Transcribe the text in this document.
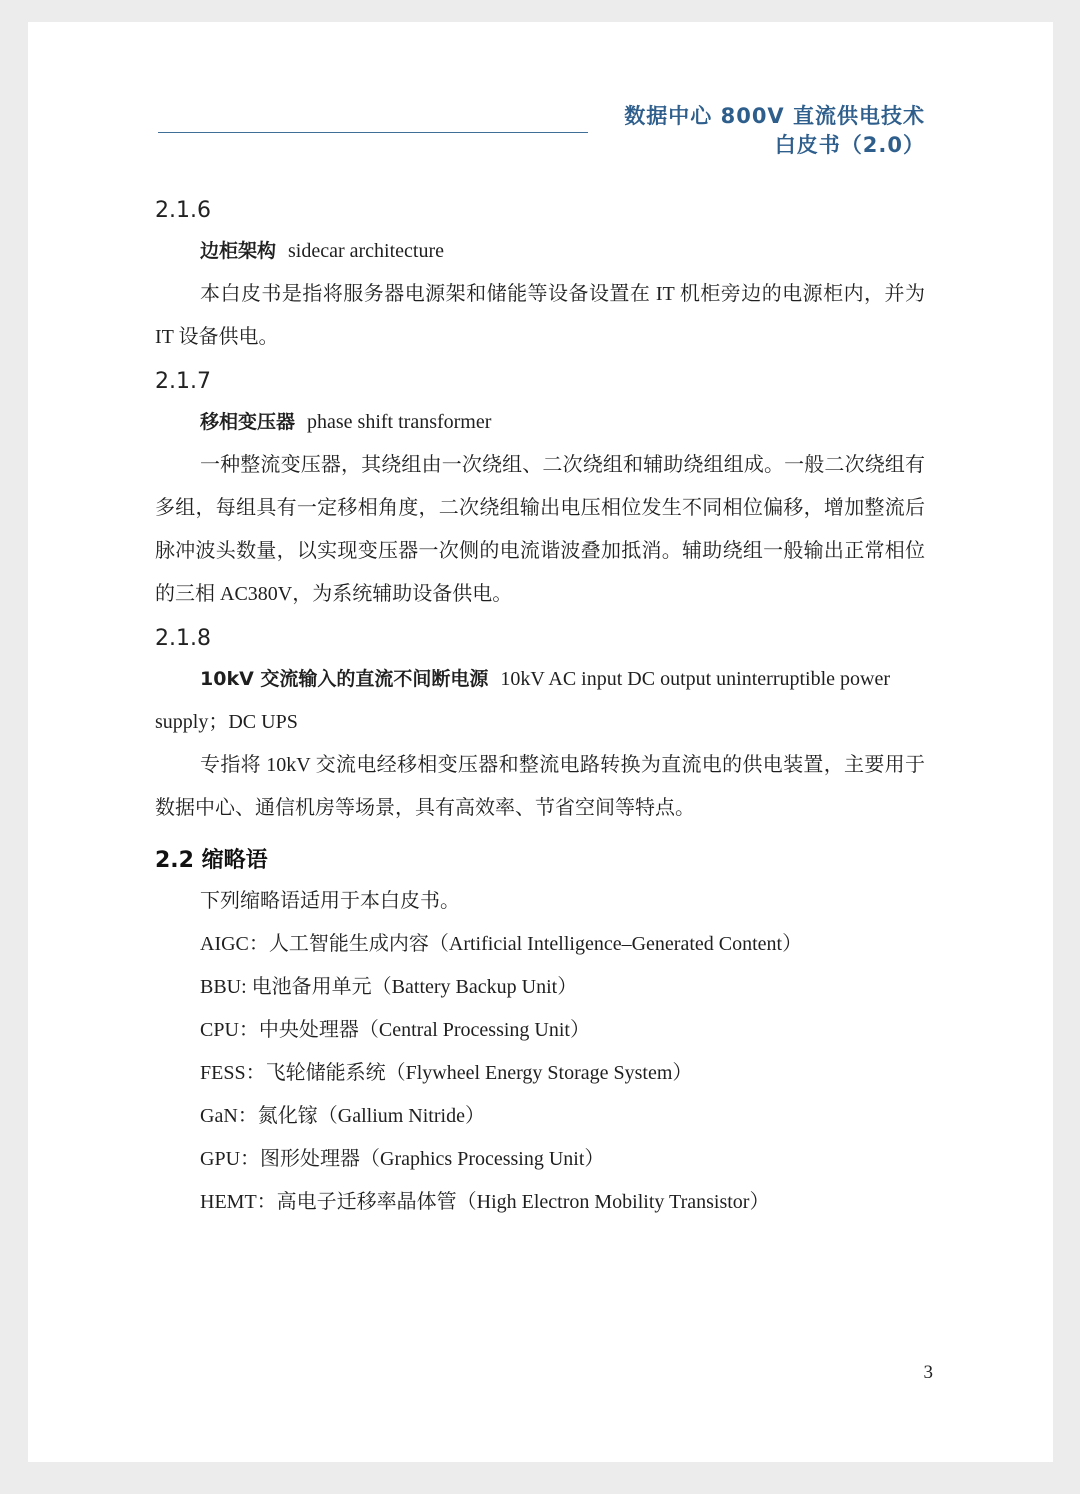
数据中心 800V 直流供电技术
白皮书（2.0）

2.1.6

边柜架构 sidecar architecture

本白皮书是指将服务器电源架和储能等设备设置在 IT 机柜旁边的电源柜内，并为 IT 设备供电。

2.1.7

移相变压器 phase shift transformer

一种整流变压器，其绕组由一次绕组、二次绕组和辅助绕组组成。一般二次绕组有多组，每组具有一定移相角度，二次绕组输出电压相位发生不同相位偏移，增加整流后脉冲波头数量，以实现变压器一次侧的电流谐波叠加抵消。辅助绕组一般输出正常相位的三相 AC380V，为系统辅助设备供电。

2.1.8

10kV 交流输入的直流不间断电源 10kV AC input DC output uninterruptible power supply；DC UPS

专指将 10kV 交流电经移相变压器和整流电路转换为直流电的供电装置，主要用于数据中心、通信机房等场景，具有高效率、节省空间等特点。

2.2 缩略语

下列缩略语适用于本白皮书。

AIGC：人工智能生成内容（Artificial Intelligence–Generated Content）

BBU: 电池备用单元（Battery Backup Unit）

CPU：中央处理器（Central Processing Unit）

FESS：飞轮储能系统（Flywheel Energy Storage System）

GaN：氮化镓（Gallium Nitride）

GPU：图形处理器（Graphics Processing Unit）

HEMT：高电子迁移率晶体管（High Electron Mobility Transistor）

3
